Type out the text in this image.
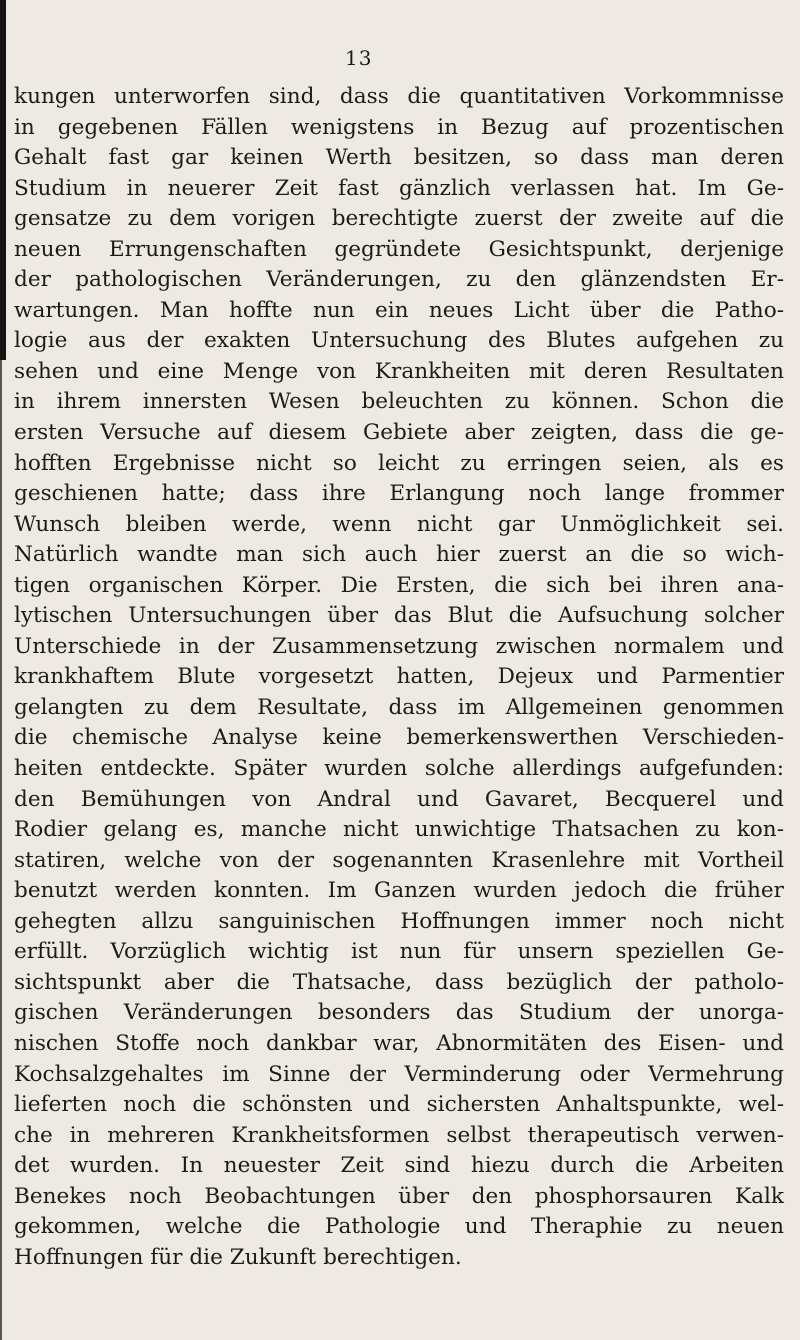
13
kungen unterworfen sind, dass die quantitativen Vorkommnisse
in gegebenen Fällen wenigstens in Bezug auf prozentischen
Gehalt fast gar keinen Werth besitzen, so dass man deren
Studium in neuerer Zeit fast gänzlich verlassen hat. Im Ge-
gensatze zu dem vorigen berechtigte zuerst der zweite auf die
neuen Errungenschaften gegründete Gesichtspunkt, derjenige
der pathologischen Veränderungen, zu den glänzendsten Er-
wartungen. Man hoffte nun ein neues Licht über die Patho-
logie aus der exakten Untersuchung des Blutes aufgehen zu
sehen und eine Menge von Krankheiten mit deren Resultaten
in ihrem innersten Wesen beleuchten zu können. Schon die
ersten Versuche auf diesem Gebiete aber zeigten, dass die ge-
hofften Ergebnisse nicht so leicht zu erringen seien, als es
geschienen hatte; dass ihre Erlangung noch lange frommer
Wunsch bleiben werde, wenn nicht gar Unmöglichkeit sei.
Natürlich wandte man sich auch hier zuerst an die so wich-
tigen organischen Körper. Die Ersten, die sich bei ihren ana-
lytischen Untersuchungen über das Blut die Aufsuchung solcher
Unterschiede in der Zusammensetzung zwischen normalem und
krankhaftem Blute vorgesetzt hatten, Dejeux und Parmentier
gelangten zu dem Resultate, dass im Allgemeinen genommen
die chemische Analyse keine bemerkenswerthen Verschieden-
heiten entdeckte. Später wurden solche allerdings aufgefunden:
den Bemühungen von Andral und Gavaret, Becquerel und
Rodier gelang es, manche nicht unwichtige Thatsachen zu kon-
statiren, welche von der sogenannten Krasenlehre mit Vortheil
benutzt werden konnten. Im Ganzen wurden jedoch die früher
gehegten allzu sanguinischen Hoffnungen immer noch nicht
erfüllt. Vorzüglich wichtig ist nun für unsern speziellen Ge-
sichtspunkt aber die Thatsache, dass bezüglich der patholo-
gischen Veränderungen besonders das Studium der unorga-
nischen Stoffe noch dankbar war, Abnormitäten des Eisen- und
Kochsalzgehaltes im Sinne der Verminderung oder Vermehrung
lieferten noch die schönsten und sichersten Anhaltspunkte, wel-
che in mehreren Krankheitsformen selbst therapeutisch verwen-
det wurden. In neuester Zeit sind hiezu durch die Arbeiten
Benekes noch Beobachtungen über den phosphorsauren Kalk
gekommen, welche die Pathologie und Theraphie zu neuen
Hoffnungen für die Zukunft berechtigen.
